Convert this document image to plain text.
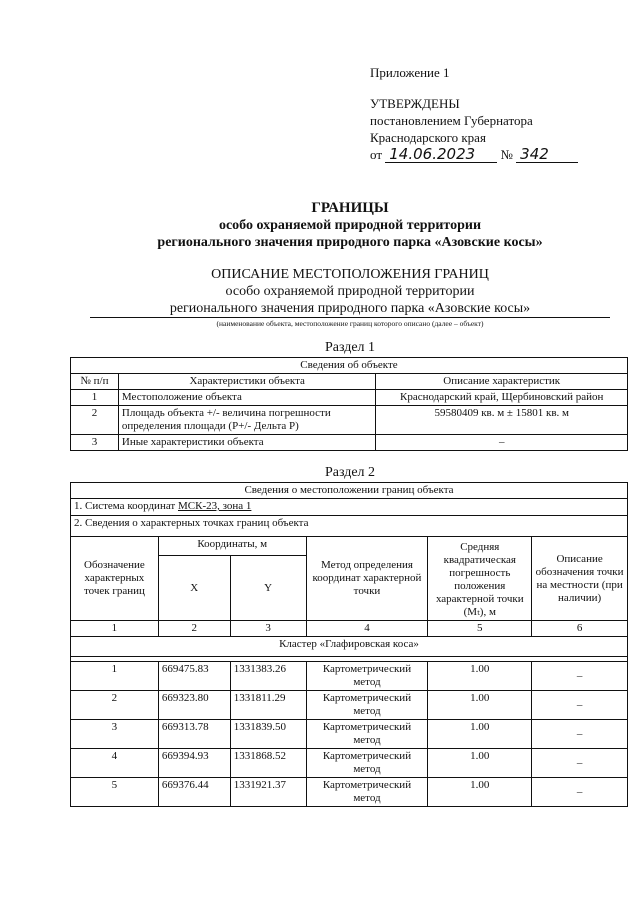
Приложение 1
УТВЕРЖДЕНЫ
постановлением Губернатора
Краснодарского края
от 14.06.2023 № 342
ГРАНИЦЫ
особо охраняемой природной территории
регионального значения природного парка «Азовские косы»
ОПИСАНИЕ МЕСТОПОЛОЖЕНИЯ ГРАНИЦ
особо охраняемой природной территории
регионального значения природного парка «Азовские косы»
(наименование объекта, местоположение границ которого описано (далее – объект)
Раздел 1
Сведения об объекте		
№ п/п	Характеристики объекта	Описание характеристик
1	Местоположение объекта	Краснодарский край, Щербиновский район
2	Площадь объекта +/- величина погрешности определения площади (P+/- Дельта P)	59580409 кв. м ± 15801 кв. м
3	Иные характеристики объекта	–
Раздел 2
Сведения о местоположении границ объекта					
1. Система координат МСК-23, зона 1					
2. Сведения о характерных точках границ объекта					
Обозначение характерных точек границ	Координаты, м		Метод определения координат характерной точки	Средняя квадратическая погрешность положения характерной точки (Mₜ), м	Описание обозначения точки на местности (при наличии)
	X	Y			
1	2	3	4	5	6
Кластер «Глафировская коса»					

1	669475.83	1331383.26	Картометрический метод	1.00	–
2	669323.80	1331811.29	Картометрический метод	1.00	–
3	669313.78	1331839.50	Картометрический метод	1.00	–
4	669394.93	1331868.52	Картометрический метод	1.00	–
5	669376.44	1331921.37	Картометрический метод	1.00	–
